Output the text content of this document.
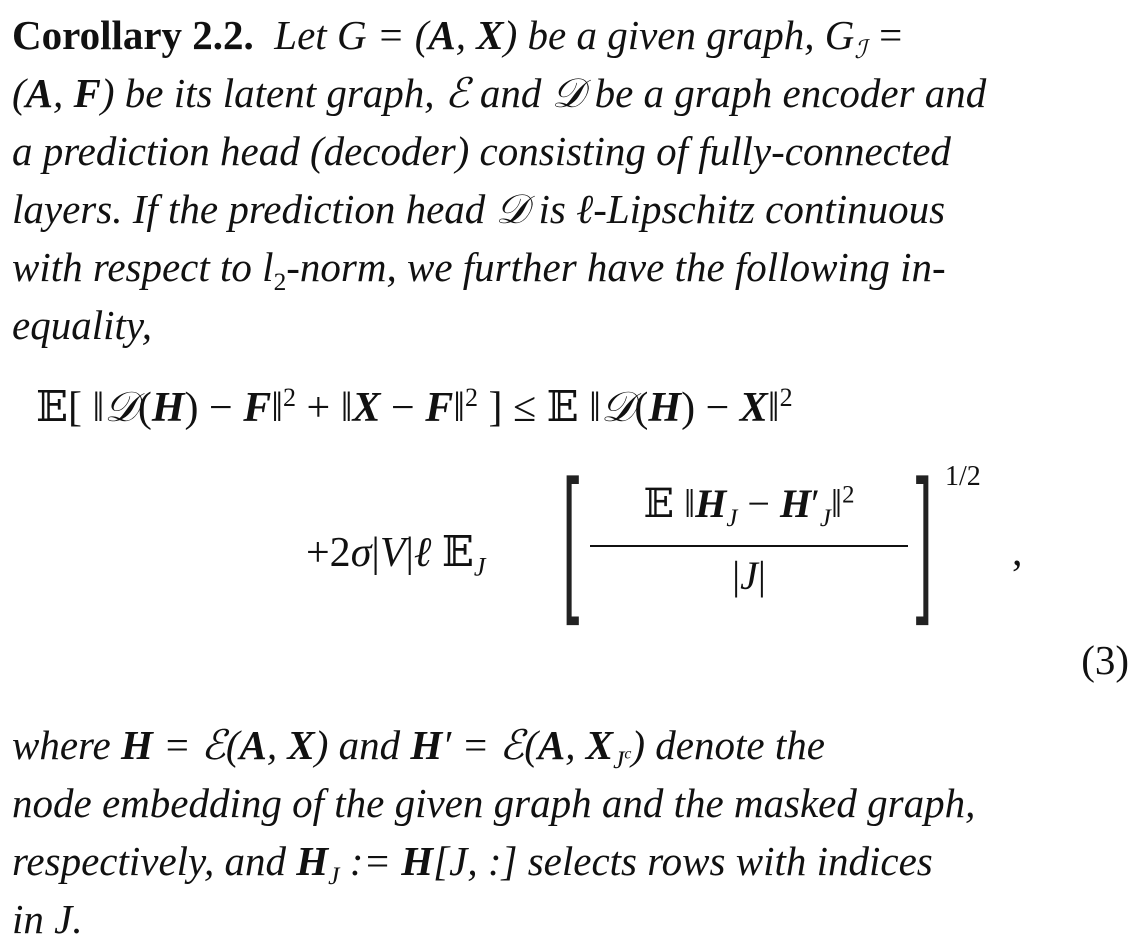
Corollary 2.2.  Let G = (A, X) be a given graph, $G_ℐ$ =
(A, F) be its latent graph, ℰ and 𝒟 be a graph encoder and
a prediction head (decoder) consisting of fully-connected
layers. If the prediction head 𝒟 is ℓ-Lipschitz continuous
with respect to $l_2$-norm, we further have the following in-
equality,
𝔼[ ‖𝒟(H) − F‖$^2$ + ‖X − F‖$^2$ ] ≤ 𝔼 ‖𝒟(H) − X‖$^2$
+2σ|V|ℓ 𝔼$_J$ [	𝔼 $‖H_J$ − $H'_J‖^2$
|J| ] 1/2
,
(3)
where H = ℰ(A, X) and H′ = ℰ(A, $X_{J^c}$) denote the
node embedding of the given graph and the masked graph,
respectively, and $H_J$ := H[J, :] selects rows with indices
in J.
